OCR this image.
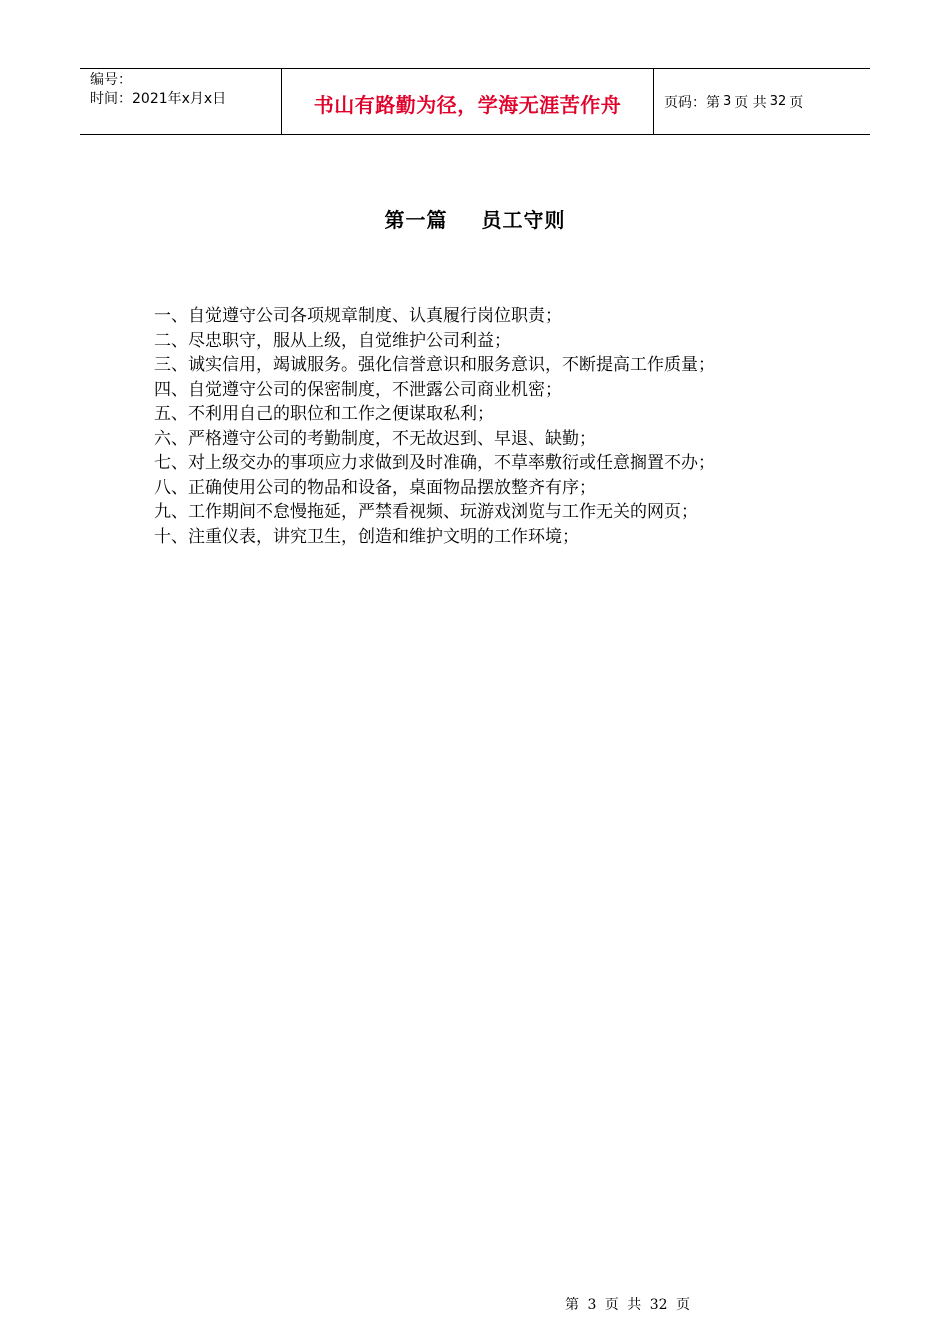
编号：
时间：2021年x月x日	书山有路勤为径，学海无涯苦作舟	页码：第 3 页 共 32 页
第一篇 员工守则
一、自觉遵守公司各项规章制度、认真履行岗位职责；
二、尽忠职守，服从上级，自觉维护公司利益；
三、诚实信用，竭诚服务。强化信誉意识和服务意识，不断提高工作质量；
四、自觉遵守公司的保密制度，不泄露公司商业机密；
五、不利用自己的职位和工作之便谋取私利；
六、严格遵守公司的考勤制度，不无故迟到、早退、缺勤；
七、对上级交办的事项应力求做到及时准确，不草率敷衍或任意搁置不办；
八、正确使用公司的物品和设备，桌面物品摆放整齐有序；
九、工作期间不怠慢拖延，严禁看视频、玩游戏浏览与工作无关的网页；
十、注重仪表，讲究卫生，创造和维护文明的工作环境；
第 3 页 共 32 页
